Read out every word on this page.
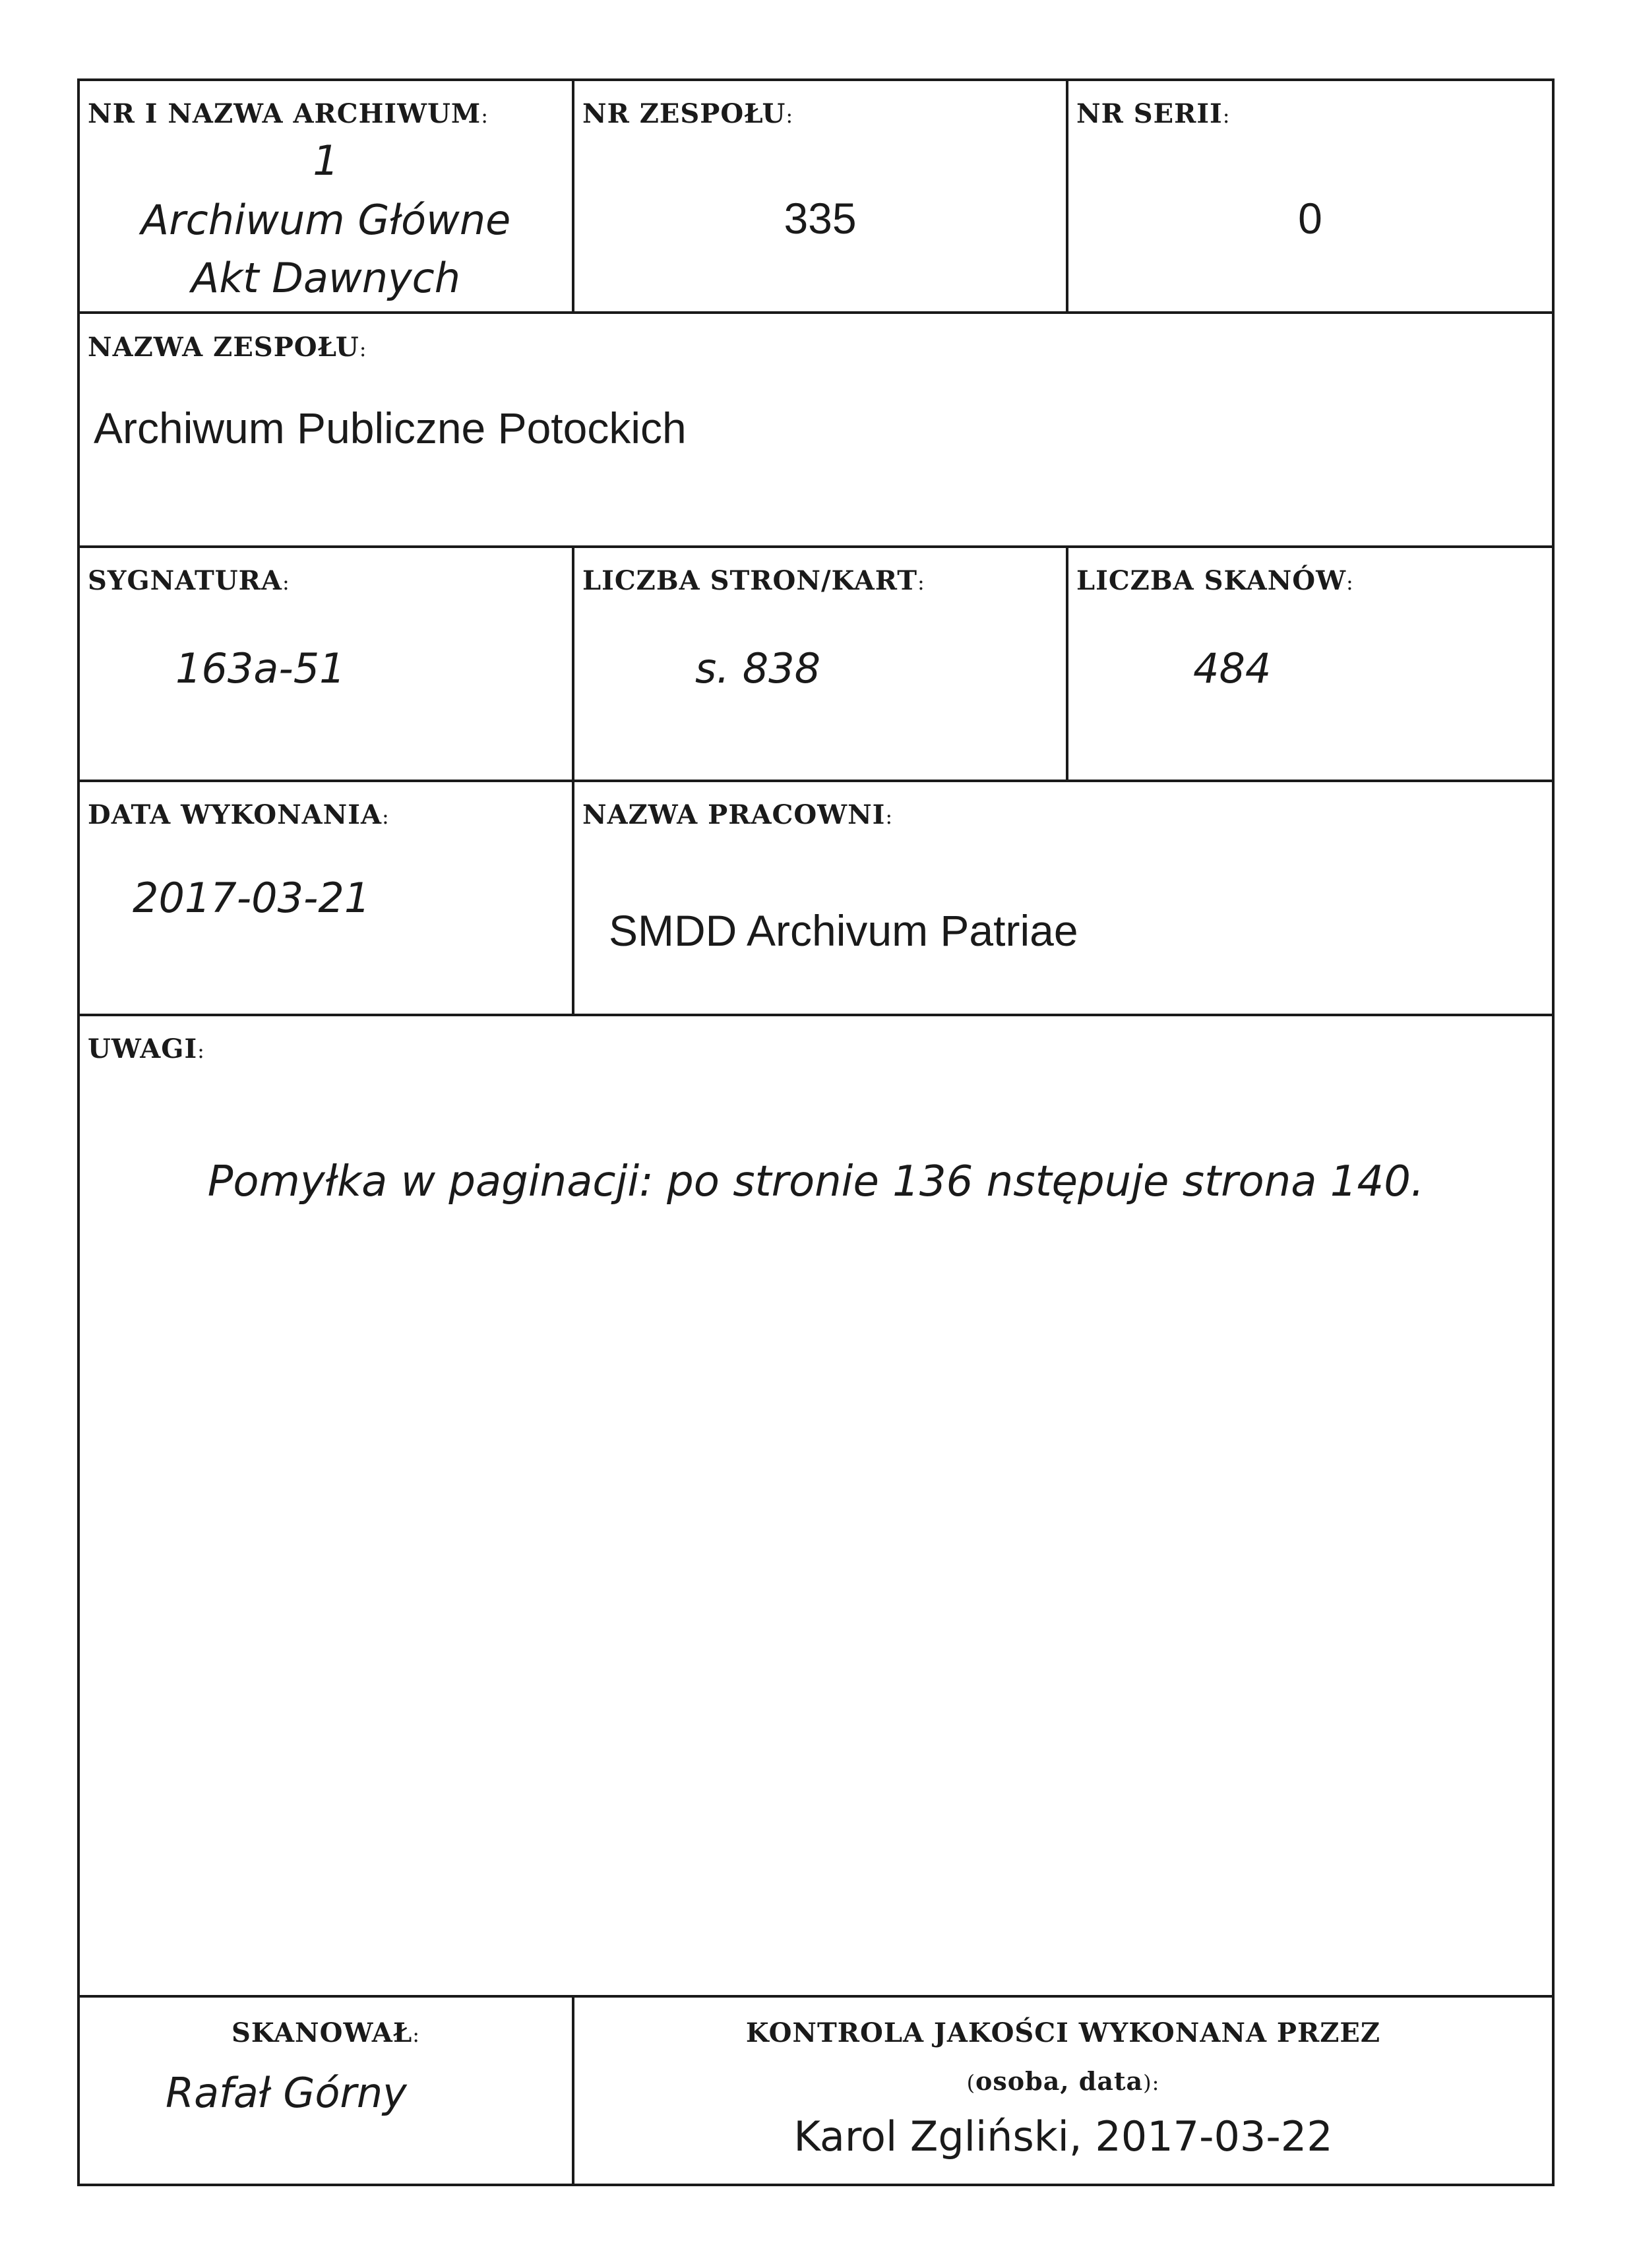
NR I NAZWA ARCHIWUM:
1
Archiwum Główne
Akt Dawnych
NR ZESPOŁU:
335
NR SERII:
0
NAZWA ZESPOŁU:
Archiwum Publiczne Potockich
SYGNATURA:
163a-51
LICZBA STRON/KART:
s. 838
LICZBA SKANÓW:
484
DATA WYKONANIA:
2017-03-21
NAZWA PRACOWNI:
SMDD Archivum Patriae
UWAGI:
Pomyłka w paginacji: po stronie 136 nstępuje strona 140.
SKANOWAŁ:
Rafał Górny
KONTROLA JAKOŚCI WYKONANA PRZEZ
(osoba, data):
Karol Zgliński, 2017-03-22
